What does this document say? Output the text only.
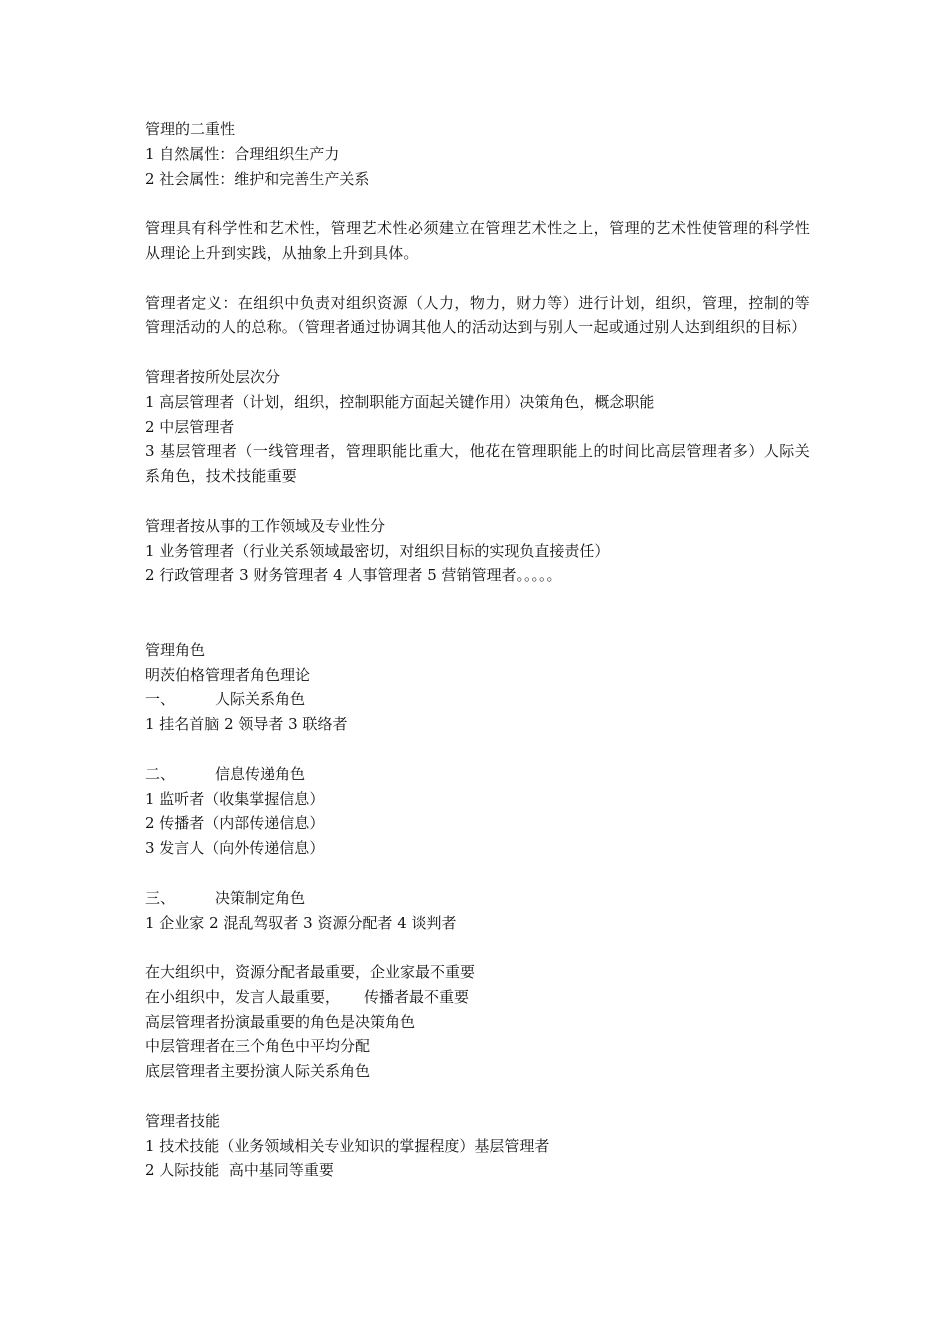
管理的二重性
1 自然属性：合理组织生产力
2 社会属性：维护和完善生产关系
管理具有科学性和艺术性，管理艺术性必须建立在管理艺术性之上，管理的艺术性使管理的科学性从理论上升到实践，从抽象上升到具体。
管理者定义：在组织中负责对组织资源（人力，物力，财力等）进行计划，组织，管理，控制的等管理活动的人的总称。（管理者通过协调其他人的活动达到与别人一起或通过别人达到组织的目标）
管理者按所处层次分
1 高层管理者（计划，组织，控制职能方面起关键作用）决策角色，概念职能
2 中层管理者
3 基层管理者（一线管理者，管理职能比重大，他花在管理职能上的时间比高层管理者多）人际关系角色，技术技能重要
管理者按从事的工作领域及专业性分
1 业务管理者（行业关系领域最密切，对组织目标的实现负直接责任）
2 行政管理者 3 财务管理者 4 人事管理者 5 营销管理者。。。。。
管理角色
明茨伯格管理者角色理论
一、	人际关系角色
1 挂名首脑 2 领导者 3 联络者
二、	信息传递角色
1 监听者（收集掌握信息）
2 传播者（内部传递信息）
3 发言人（向外传递信息）
三、	决策制定角色
1 企业家 2 混乱驾驭者 3 资源分配者 4 谈判者
在大组织中，资源分配者最重要，企业家最不重要
在小组织中，发言人最重要， 传播者最不重要
高层管理者扮演最重要的角色是决策角色
中层管理者在三个角色中平均分配
底层管理者主要扮演人际关系角色
管理者技能
1 技术技能（业务领域相关专业知识的掌握程度）基层管理者
2 人际技能  高中基同等重要
